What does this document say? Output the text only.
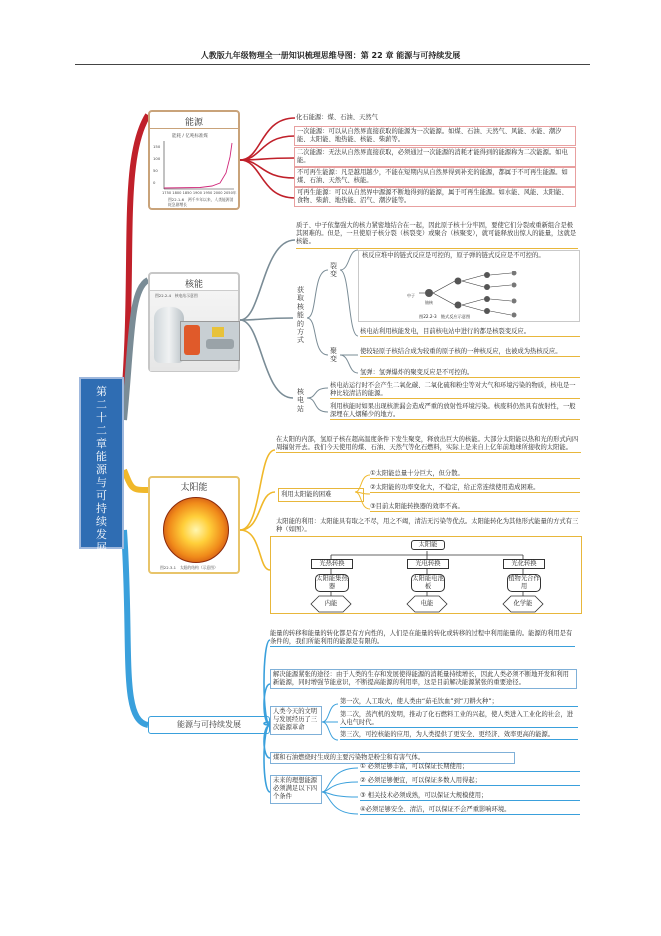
人教版九年级物理全一册知识梳理思维导图：第 22 章 能源与可持续发展
第二十二章能源与可持续发展
能源
能耗 / 亿吨标准煤
150
100
50
0
1750 1800 1850 1900 1950 2000 2050年
图22.1-6　两千多年以来，人类能源消耗急剧增长
化石能源：煤、石油、天然气
一次能源：可以从自然界直接获取的能源为一次能源。如煤、石油、天然气、风能、水能、潮汐能、太阳能、地热能、核能、柴薪等。
二次能源：无法从自然界直接获取，必须通过一次能源的消耗才能得到的能源称为二次能源。如电能。
不可再生能源：凡是越用越少，不能在短期内从自然界得到补充的能源，都属于不可再生能源。如煤、石油、天然气、核能。
可再生能源：可以从自然界中源源不断地得到的能源，属于可再生能源。如水能、风能、太阳能、食物、柴薪、地热能、沼气、潮汐能等。
核能
图22.2-4　核电站示意图
质子、中子依靠强大的核力紧密地结合在一起，因此原子核十分牢固，要使它们分裂或重新组合是极其困难的。但是，一旦使原子核分裂（核裂变）或聚合（核聚变），就可能释放出惊人的能量，这就是核能。
获取核能的方式
裂变
聚变
核反应堆中的链式反应是可控的，原子弹的链式反应是不可控的。
中子
铀核
图22.2-3　链式反应示意图
核电站利用核能发电，目前核电站中进行的都是核裂变反应。
使较轻原子核结合成为较重的原子核的一种核反应，也被成为热核反应。
氢弹：氢弹爆炸的聚变反应是不可控的。
核电站
核电站运行时不会产生二氧化碳、二氧化硫和粉尘等对大气和环境污染的物质，核电是一种比较清洁的能源。
利用核能时如果出现核泄漏会造成严重的放射性环境污染。核废料仍然具有放射性，一般深埋在人烟稀少的地方。
太阳能
图22.3-1　太阳的结构（示意图）
在太阳的内部，氢原子核在超高温度条件下发生聚变，释放出巨大的核能。大部分太阳能以热和光的形式向四周辐射开去。我们今天使用的煤、石油、天然气等化石燃料，实际上是来自上亿年前地球所接收的太阳能。
利用太阳能的困难
①太阳能总量十分巨大，但分散。
②太阳能的功率变化大，不稳定，给正常连续使用造成困难。
③目前太阳能转换器的效率不高。
太阳能的利用：太阳能具有取之不尽，用之不竭，清洁无污染等优点。太阳能转化为其他形式能量的方式有三种（如图）。
太阳能
光热转换	光电转换	光化转换
太阳能集热器
太阳能电池板
植物光合作用
内能	电能	化学能
能源与可持续发展
能量的转移和能量的转化都是有方向性的，人们是在能量的转化或转移的过程中利用能量的。能源的利用是有条件的，我们所能利用的能源是有限的。
解决能源紧张的途径：由于人类的生存和发展使得能源的消耗量持续增长，因此人类必须不断地开发和利用新能源，同时增强节能意识，不断提高能源的利用率，这是目前解决能源紧张的重要途径。
人类今天的文明与发展经历了三次能源革命
第一次，人工取火，使人类由“茹毛饮血”到“刀耕火种”；
第二次，蒸汽机的发明，推动了化石燃料工业的兴起，使人类进入工业化的社会，进入电气时代。
第三次，可控核能的应用，为人类提供了更安全、更经济、效率更高的能源。
煤和石油燃烧时生成的主要污染物是粉尘和有害气体。
未来的理想能源必须满足以下四个条件
① 必须足够丰富，可以保证长期使用；
② 必须足够便宜，可以保证多数人用得起；
③ 相关技术必须成熟，可以保证大规模使用；
④必须足够安全、清洁，可以保证不会严重影响环境。
